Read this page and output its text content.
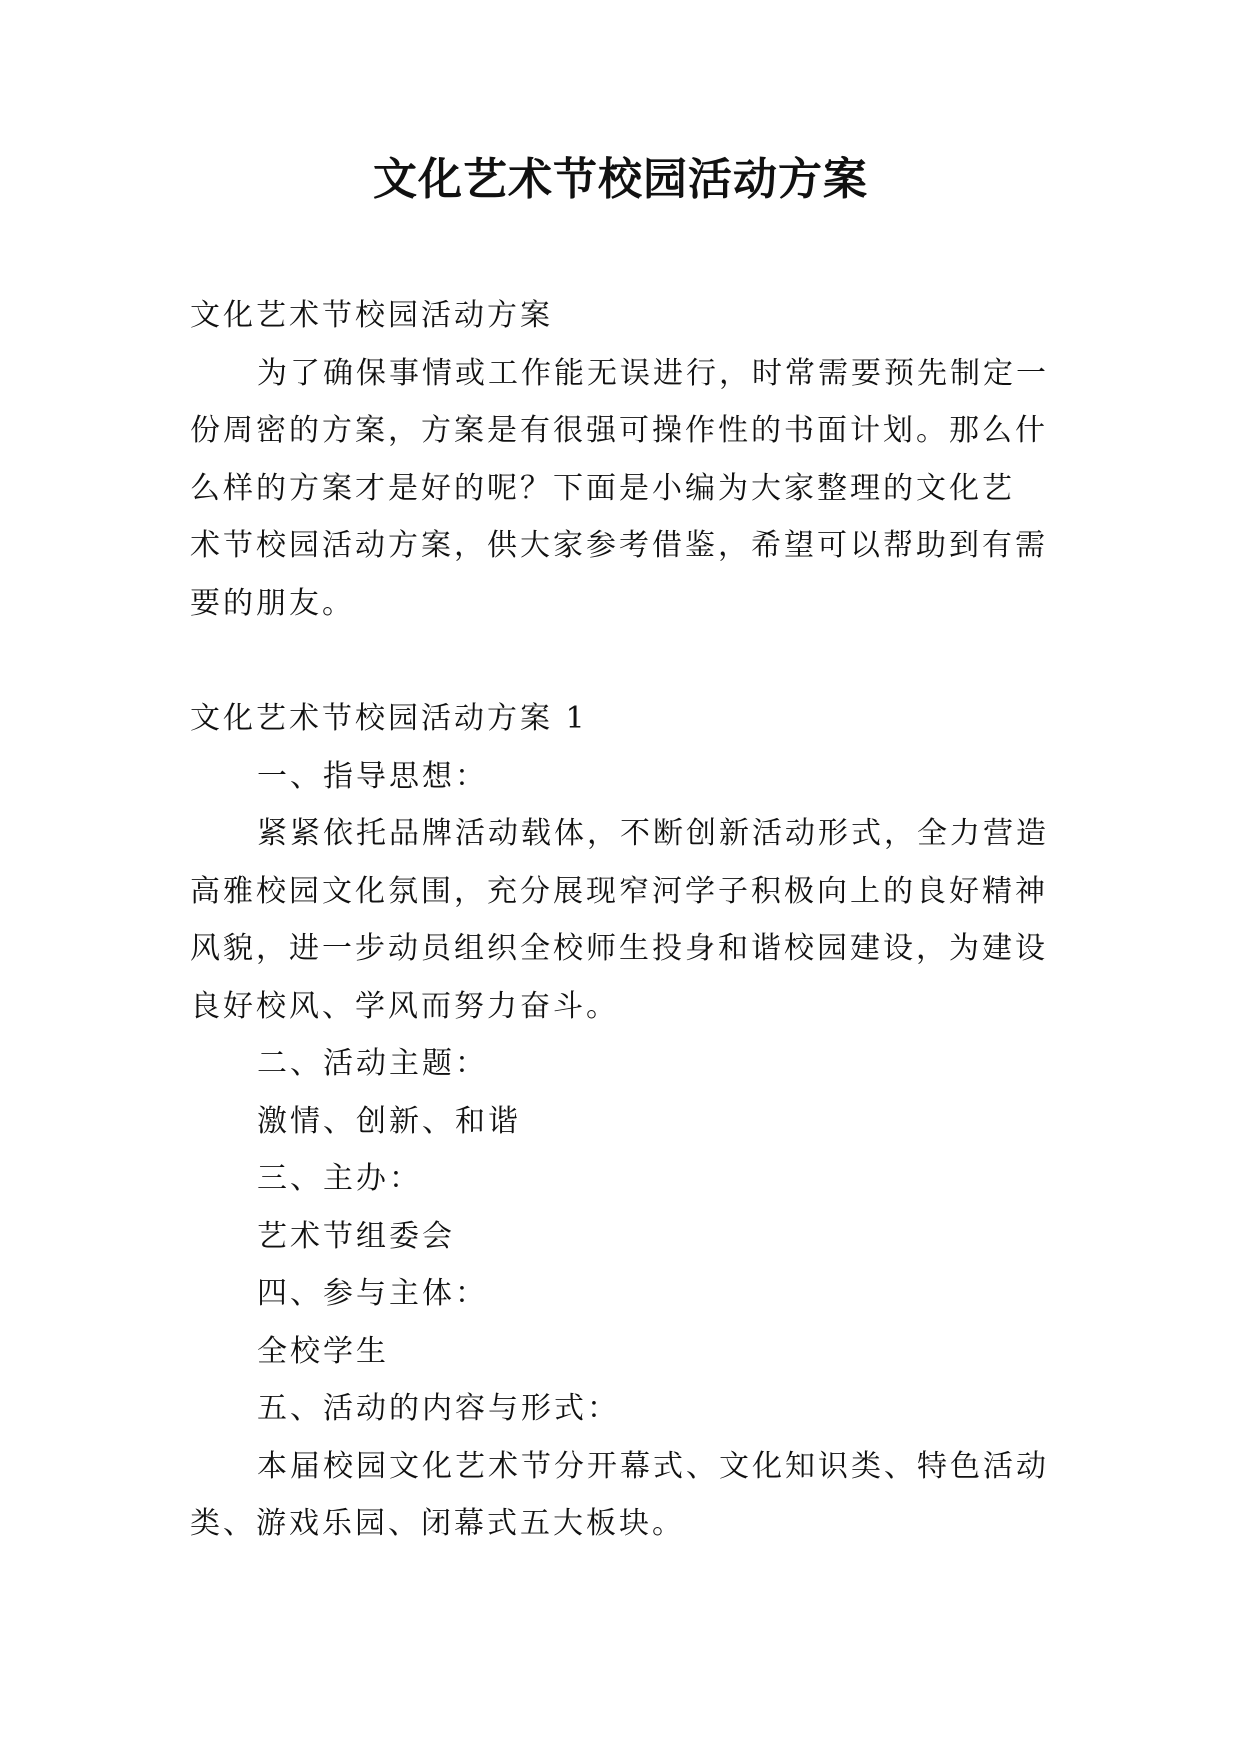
文化艺术节校园活动方案
文化艺术节校园活动方案
为了确保事情或工作能无误进行，时常需要预先制定一
份周密的方案，方案是有很强可操作性的书面计划。那么什
么样的方案才是好的呢？下面是小编为大家整理的文化艺
术节校园活动方案，供大家参考借鉴，希望可以帮助到有需
要的朋友。
文化艺术节校园活动方案 1
一、指导思想：
紧紧依托品牌活动载体，不断创新活动形式，全力营造
高雅校园文化氛围，充分展现窄河学子积极向上的良好精神
风貌，进一步动员组织全校师生投身和谐校园建设，为建设
良好校风、学风而努力奋斗。
二、活动主题：
激情、创新、和谐
三、主办：
艺术节组委会
四、参与主体：
全校学生
五、活动的内容与形式：
本届校园文化艺术节分开幕式、文化知识类、特色活动
类、游戏乐园、闭幕式五大板块。
